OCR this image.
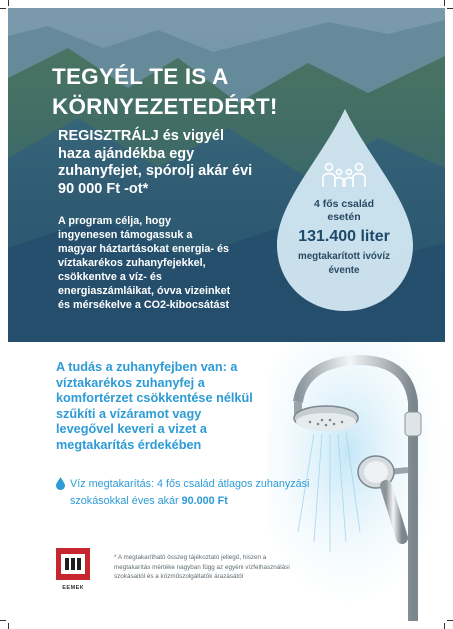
TEGYÉL TE IS A
KÖRNYEZETEDÉRT!
REGISZTRÁLJ és vigyél
haza ajándékba egy
zuhanyfejet, spórolj akár évi
90 000 Ft -ot*
A program célja, hogy
ingyenesen támogassuk a
magyar háztartásokat energia- és
víztakarékos zuhanyfejekkel,
csökkentve a víz- és
energiaszámláikat, óvva vizeinket
és mérsékelve a CO2-kibocsátást
4 fős család
esetén
131.400 liter
megtakarított ivóvíz
évente
A tudás a zuhanyfejben van: a
víztakarékos zuhanyfej a
komfortérzet csökkentése nélkül
szűkíti a vízáramot vagy
levegővel keveri a vizet a
megtakarítás érdekében
Víz megtakarítás: 4 fős család átlagos zuhanyzási szokásokkal éves akár 90.000 Ft
ЕЕМЕК
* A megtakarítható összeg tájékoztató jellegű, hiszen a
megtakarítás mértéke nagyban függ az egyéni vízfelhasználási
szokásaitól és a közműszolgáltatók árazásától
